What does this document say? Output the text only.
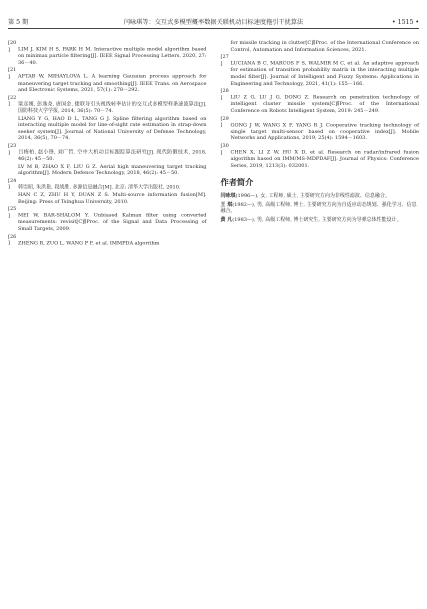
第 5 期	闫咏琪等：交互式多模型概率数据关联机动目标速度拖引干扰算法	• 1515 •
[20] LIM J, KIM H S, PARK H M. Interactive multiple model algorithm based on minimax particle filtering[J]. IEEE Signal Processing Letters, 2020, 27: 36－40.
[21] AFTAB W, MIHAYLOVA L. A learning Gaussian process approach for maneuvering target tracking and smoothing[J]. IEEE Trans. on Aerospace and Electronic Systems, 2021, 57(1): 278－292.
[22] 梁彦刚, 彭逸尧, 唐国金. 捷联导引头视线转率估计的交互式多模型样条滤波算法[J]. 国防科技大学学报, 2014, 36(5): 70－74.
LIANG Y G, HAO D L, TANG G J. Spline filtering algorithm based on interacting multiple model for line-of-sight rate estimation in strap-down seeker system[J]. Journal of National University of Defense Technology, 2014, 36(5), 70－74.
[23] 吕梅柏, 赵小锋, 刘广哲. 空中大机动目标跟踪算法研究[J]. 现代防御技术, 2018, 46(2): 45－50.
LV M B, ZHAO X F, LIU G Z. Aerial high maneuvering target tracking algorithm[J]. Modern Defence Technology, 2018, 46(2): 45－50.
[24] 韩崇昭, 朱洪艳, 段战胜. 多源信息融合[M]. 北京: 清华大学出版社, 2010.
HAN C Z, ZHU H Y, DUAN Z S. Multi-source information fusion[M]. Beijing: Press of Tsinghua University, 2010.
[25] MEI W, BAR-SHALOM Y. Unbiased Kalman filter using converted measurements: revisit[C]∥Proc. of the Signal and Data Processing of Small Targets, 2009.
[26] ZHENG R, ZUO L, WANG P F, et al. IMMPDA algorithm
for missile tracking in clutter[C]∥Proc. of the International Conference on Control, Automation and Information Sciences, 2021.
[27] LUCIANA B C, MARCOS F S, WALMIR M C, et al. An adaptive approach for estimation of transition probability matrix in the interacting multiple model filter[J]. Journal of Intelligent and Fuzzy Systems: Applications in Engineering and Technology, 2021, 41(1): 155－166.
[28] LIU Z G, LU J G, DONG Z. Research on penetration technology of intelligent cluster missile system[C]∥Proc. of the International Conference on Robots Intelligent System, 2019: 245－249.
[29] GONG J W, WANG X F, YANG R J. Cooperative tracking technology of single target multi-sensor based on cooperative index[J]. Mobile Networks and Applications, 2019, 25(4): 1594－1603.
[30] CHEN X, LI Z W, HU X D, et al. Research on radar/infrared fusion algorithm based on IMM/MS-MDPDAF[J]. Journal of Physics: Conference Series, 2019, 1213(3): 032001.
作者简介

闫咏琪(1996—), 女, 工程师, 硕士, 主要研究方向为非线性滤波、信息融合。

王 琪(1982—), 男, 高级工程师, 博士, 主要研究方向为自适应动态规划、强化学习、信息融合。

黄 凡(1983—), 男, 高级工程师, 博士研究生, 主要研究方向为导弹总体性能设计。
